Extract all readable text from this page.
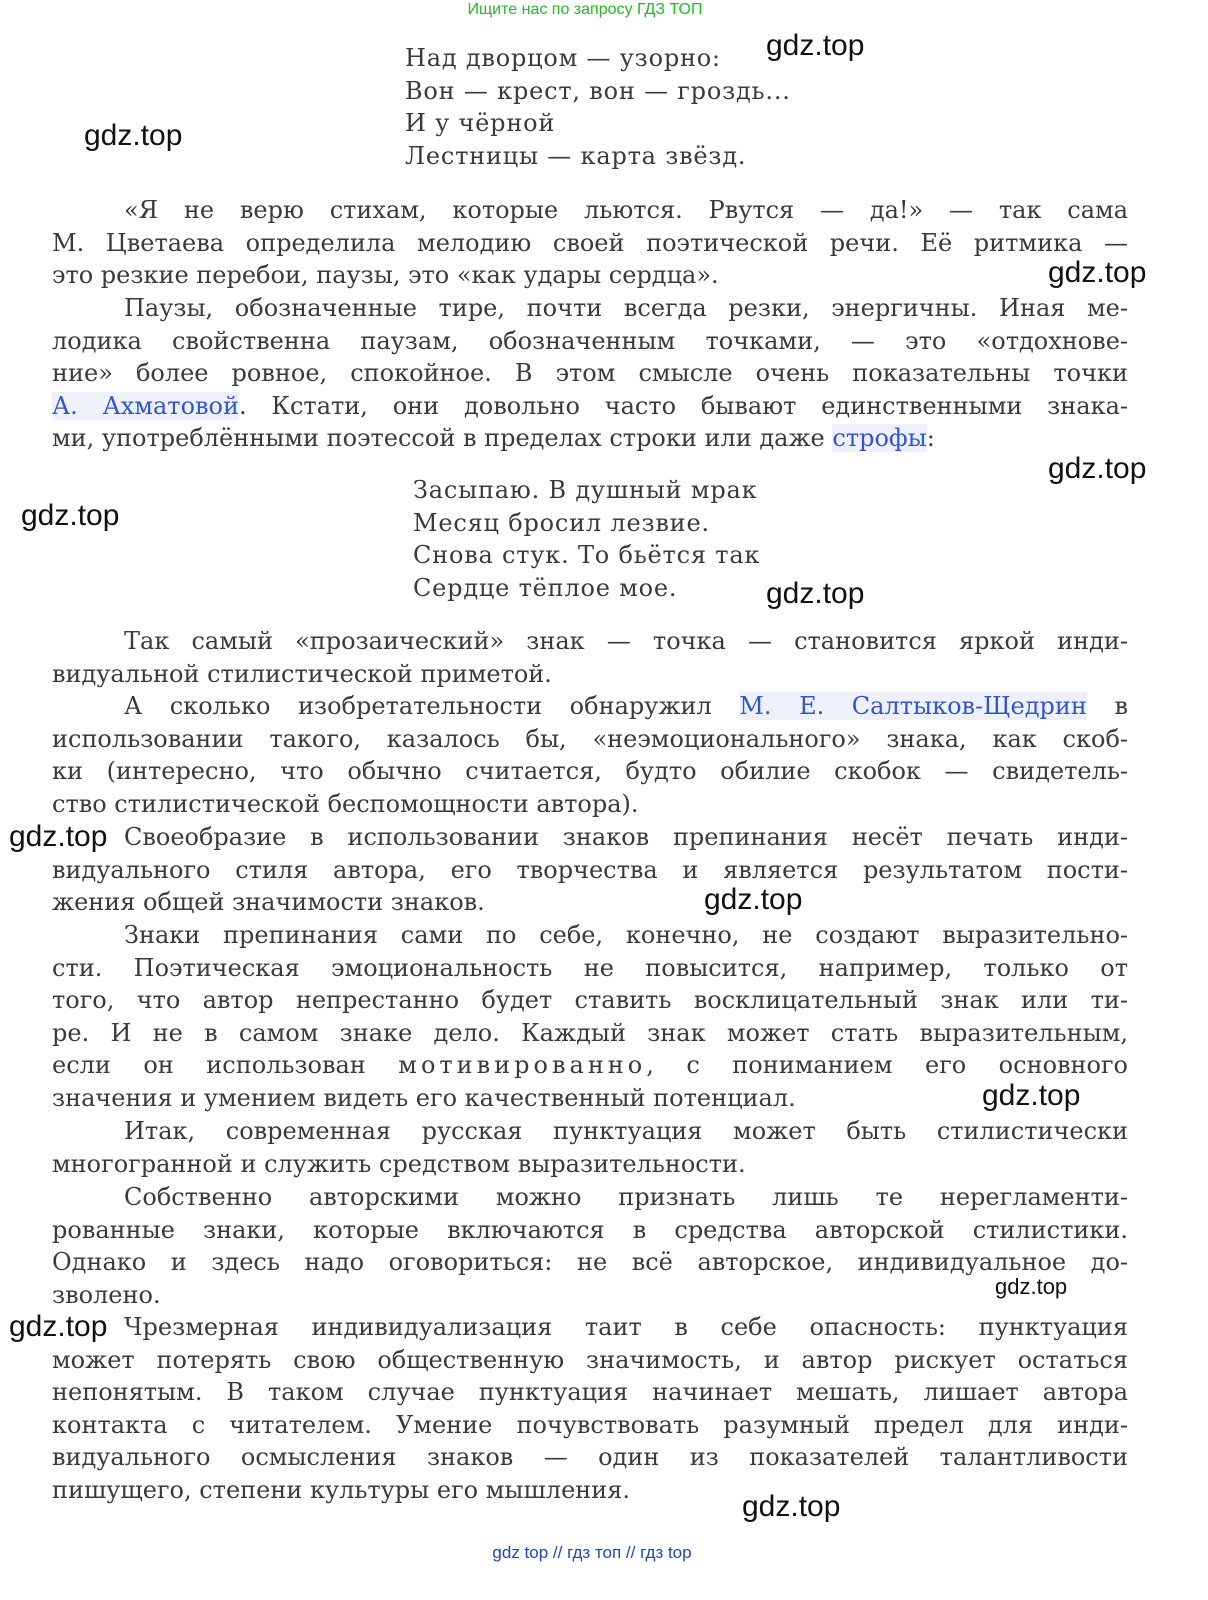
Ищите нас по запросу ГДЗ ТОП
Над дворцом — узорно:
Вон — крест, вон — гроздь...
И у чёрной
Лестницы — карта звёзд.
«Я не верю стихам, которые льются. Рвутся — да!» — так сама
М. Цветаева определила мелодию своей поэтической речи. Её ритмика —
это резкие перебои, паузы, это «как удары сердца».
Паузы, обозначенные тире, почти всегда резки, энергичны. Иная ме-
лодика свойственна паузам, обозначенным точками, — это «отдохнове-
ние» более ровное, спокойное. В этом смысле очень показательны точки
А. Ахматовой. Кстати, они довольно часто бывают единственными знака-
ми, употреблёнными поэтессой в пределах строки или даже строфы:
Засыпаю. В душный мрак
Месяц бросил лезвие.
Снова стук. То бьётся так
Сердце тёплое мое.
Так самый «прозаический» знак — точка — становится яркой инди-
видуальной стилистической приметой.
А сколько изобретательности обнаружил М. Е. Салтыков-Щедрин в
использовании такого, казалось бы, «неэмоционального» знака, как скоб-
ки (интересно, что обычно считается, будто обилие скобок — свидетель-
ство стилистической беспомощности автора).
Своеобразие в использовании знаков препинания несёт печать инди-
видуального стиля автора, его творчества и является результатом пости-
жения общей значимости знаков.
Знаки препинания сами по себе, конечно, не создают выразительно-
сти. Поэтическая эмоциональность не повысится, например, только от
того, что автор непрестанно будет ставить восклицательный знак или ти-
ре. И не в самом знаке дело. Каждый знак может стать выразительным,
если он использован мотивированно, с пониманием его основного
значения и умением видеть его качественный потенциал.
Итак, современная русская пунктуация может быть стилистически
многогранной и служить средством выразительности.
Собственно авторскими можно признать лишь те нерегламенти-
рованные знаки, которые включаются в средства авторской стилистики.
Однако и здесь надо оговориться: не всё авторское, индивидуальное до-
зволено.
Чрезмерная индивидуализация таит в себе опасность: пунктуация
может потерять свою общественную значимость, и автор рискует остаться
непонятым. В таком случае пунктуация начинает мешать, лишает автора
контакта с читателем. Умение почувствовать разумный предел для инди-
видуального осмысления знаков — один из показателей талантливости
пишущего, степени культуры его мышления.
gdz.top
gdz.top
gdz.top
gdz.top
gdz.top
gdz.top
gdz.top
gdz.top
gdz.top
gdz.top
gdz.top
gdz.top
gdz top // гдз топ // гдз top
